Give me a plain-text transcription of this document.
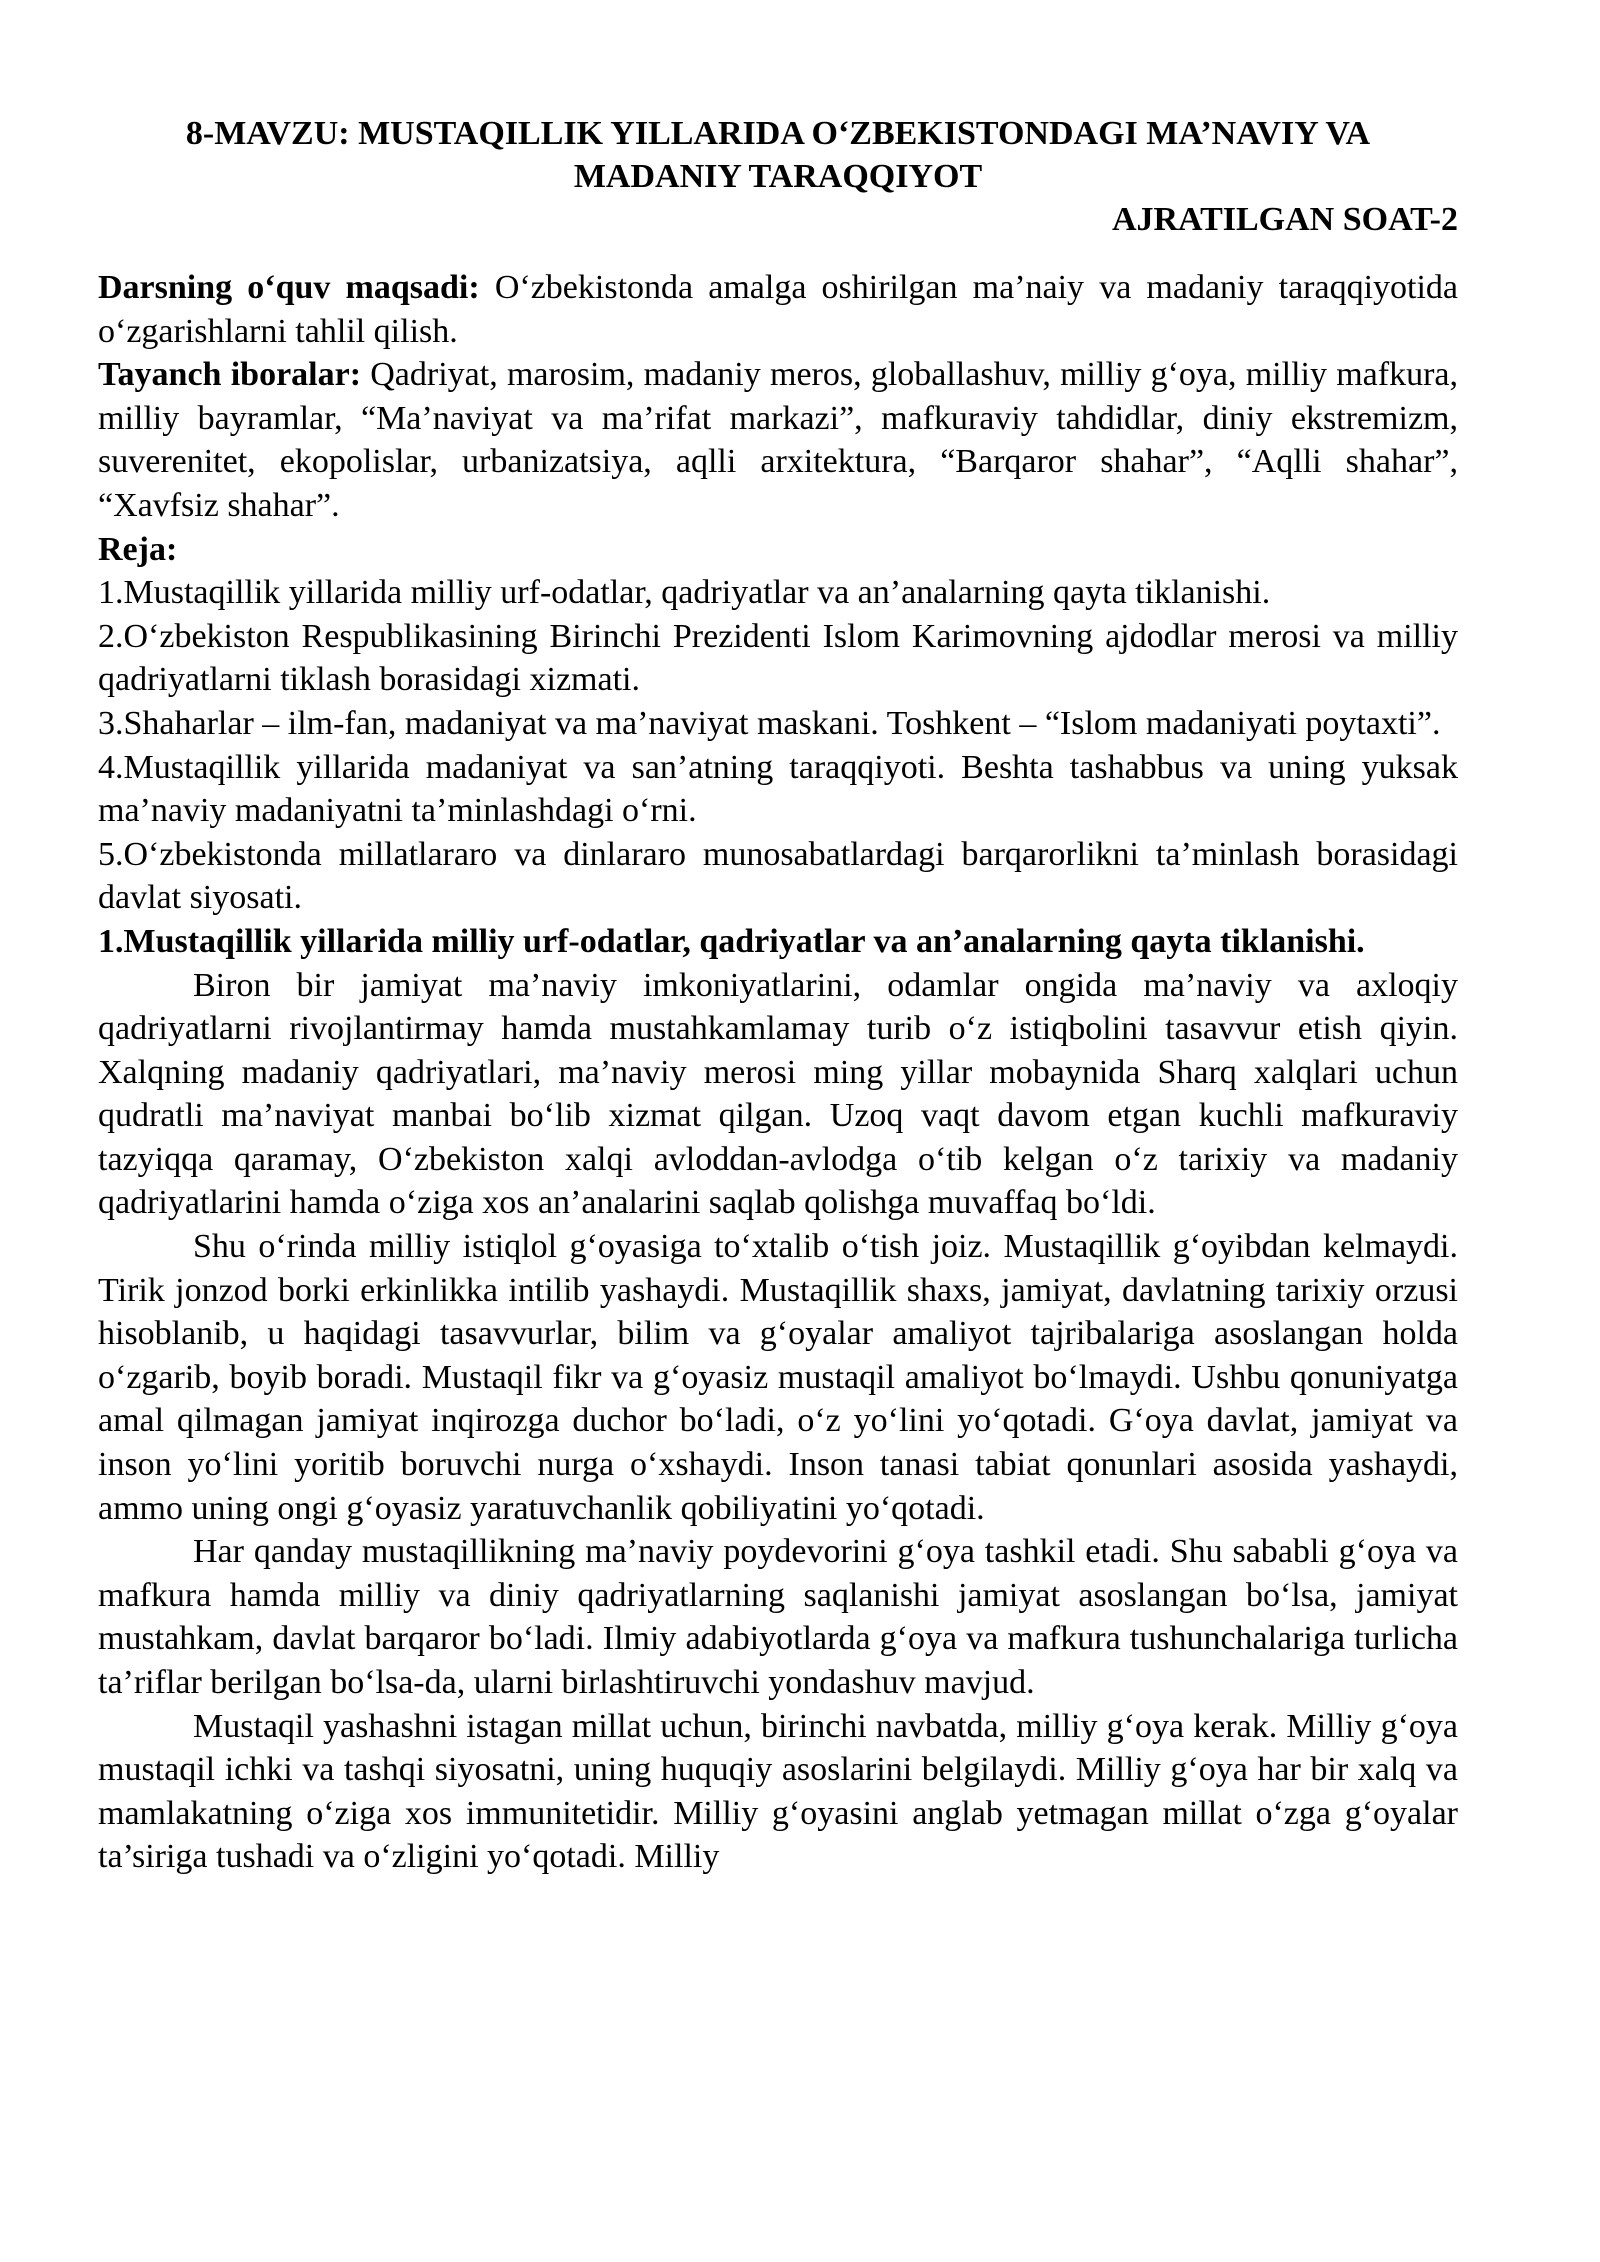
8-MAVZU: MUSTAQILLIK YILLARIDA O‘ZBEKISTONDAGI MA’NAVIY VA
MADANIY TARAQQIYOT
AJRATILGAN SOAT-2

Darsning o‘quv maqsadi: O‘zbekistonda amalga oshirilgan ma’naiy va madaniy taraqqiyotida o‘zgarishlarni tahlil qilish.

Tayanch iboralar: Qadriyat, marosim, madaniy meros, globallashuv, milliy g‘oya, milliy mafkura, milliy bayramlar, “Ma’naviyat va ma’rifat markazi”, mafkuraviy tahdidlar, diniy ekstremizm, suverenitet, ekopolislar, urbanizatsiya, aqlli arxitektura, “Barqaror shahar”, “Aqlli shahar”, “Xavfsiz shahar”.

Reja:

1.Mustaqillik yillarida milliy urf-odatlar, qadriyatlar va an’analarning qayta tiklanishi.

2.O‘zbekiston Respublikasining Birinchi Prezidenti Islom Karimovning ajdodlar merosi va milliy qadriyatlarni tiklash borasidagi xizmati.

3.Shaharlar – ilm-fan, madaniyat va ma’naviyat maskani. Toshkent – “Islom madaniyati poytaxti”.

4.Mustaqillik yillarida madaniyat va san’atning taraqqiyoti. Beshta tashabbus va uning yuksak ma’naviy madaniyatni ta’minlashdagi o‘rni.

5.O‘zbekistonda millatlararo va dinlararo munosabatlardagi barqarorlikni ta’minlash borasidagi davlat siyosati.

1.Mustaqillik yillarida milliy urf-odatlar, qadriyatlar va an’analarning qayta tiklanishi.

Biron bir jamiyat ma’naviy imkoniyatlarini, odamlar ongida ma’naviy va axloqiy qadriyatlarni rivojlantirmay hamda mustahkamlamay turib o‘z istiqbolini tasavvur etish qiyin. Xalqning madaniy qadriyatlari, ma’naviy merosi ming yillar mobaynida Sharq xalqlari uchun qudratli ma’naviyat manbai bo‘lib xizmat qilgan. Uzoq vaqt davom etgan kuchli mafkuraviy tazyiqqa qaramay, O‘zbekiston xalqi avloddan-avlodga o‘tib kelgan o‘z tarixiy va madaniy qadriyatlarini hamda o‘ziga xos an’analarini saqlab qolishga muvaffaq bo‘ldi.

Shu o‘rinda milliy istiqlol g‘oyasiga to‘xtalib o‘tish joiz. Mustaqillik g‘oyibdan kelmaydi. Tirik jonzod borki erkinlikka intilib yashaydi. Mustaqillik shaxs, jamiyat, davlatning tarixiy orzusi hisoblanib, u haqidagi tasavvurlar, bilim va g‘oyalar amaliyot tajribalariga asoslangan holda o‘zgarib, boyib boradi. Mustaqil fikr va g‘oyasiz mustaqil amaliyot bo‘lmaydi. Ushbu qonuniyatga amal qilmagan jamiyat inqirozga duchor bo‘ladi, o‘z yo‘lini yo‘qotadi. G‘oya davlat, jamiyat va inson yo‘lini yoritib boruvchi nurga o‘xshaydi. Inson tanasi tabiat qonunlari asosida yashaydi, ammo uning ongi g‘oyasiz yaratuvchanlik qobiliyatini yo‘qotadi.

Har qanday mustaqillikning ma’naviy poydevorini g‘oya tashkil etadi. Shu sababli g‘oya va mafkura hamda milliy va diniy qadriyatlarning saqlanishi jamiyat asoslangan bo‘lsa, jamiyat mustahkam, davlat barqaror bo‘ladi. Ilmiy adabiyotlarda g‘oya va mafkura tushunchalariga turlicha ta’riflar berilgan bo‘lsa-da, ularni birlashtiruvchi yondashuv mavjud.

Mustaqil yashashni istagan millat uchun, birinchi navbatda, milliy g‘oya kerak. Milliy g‘oya mustaqil ichki va tashqi siyosatni, uning huquqiy asoslarini belgilaydi. Milliy g‘oya har bir xalq va mamlakatning o‘ziga xos immunitetidir. Milliy g‘oyasini anglab yetmagan millat o‘zga g‘oyalar ta’siriga tushadi va o‘zligini yo‘qotadi. Milliy
